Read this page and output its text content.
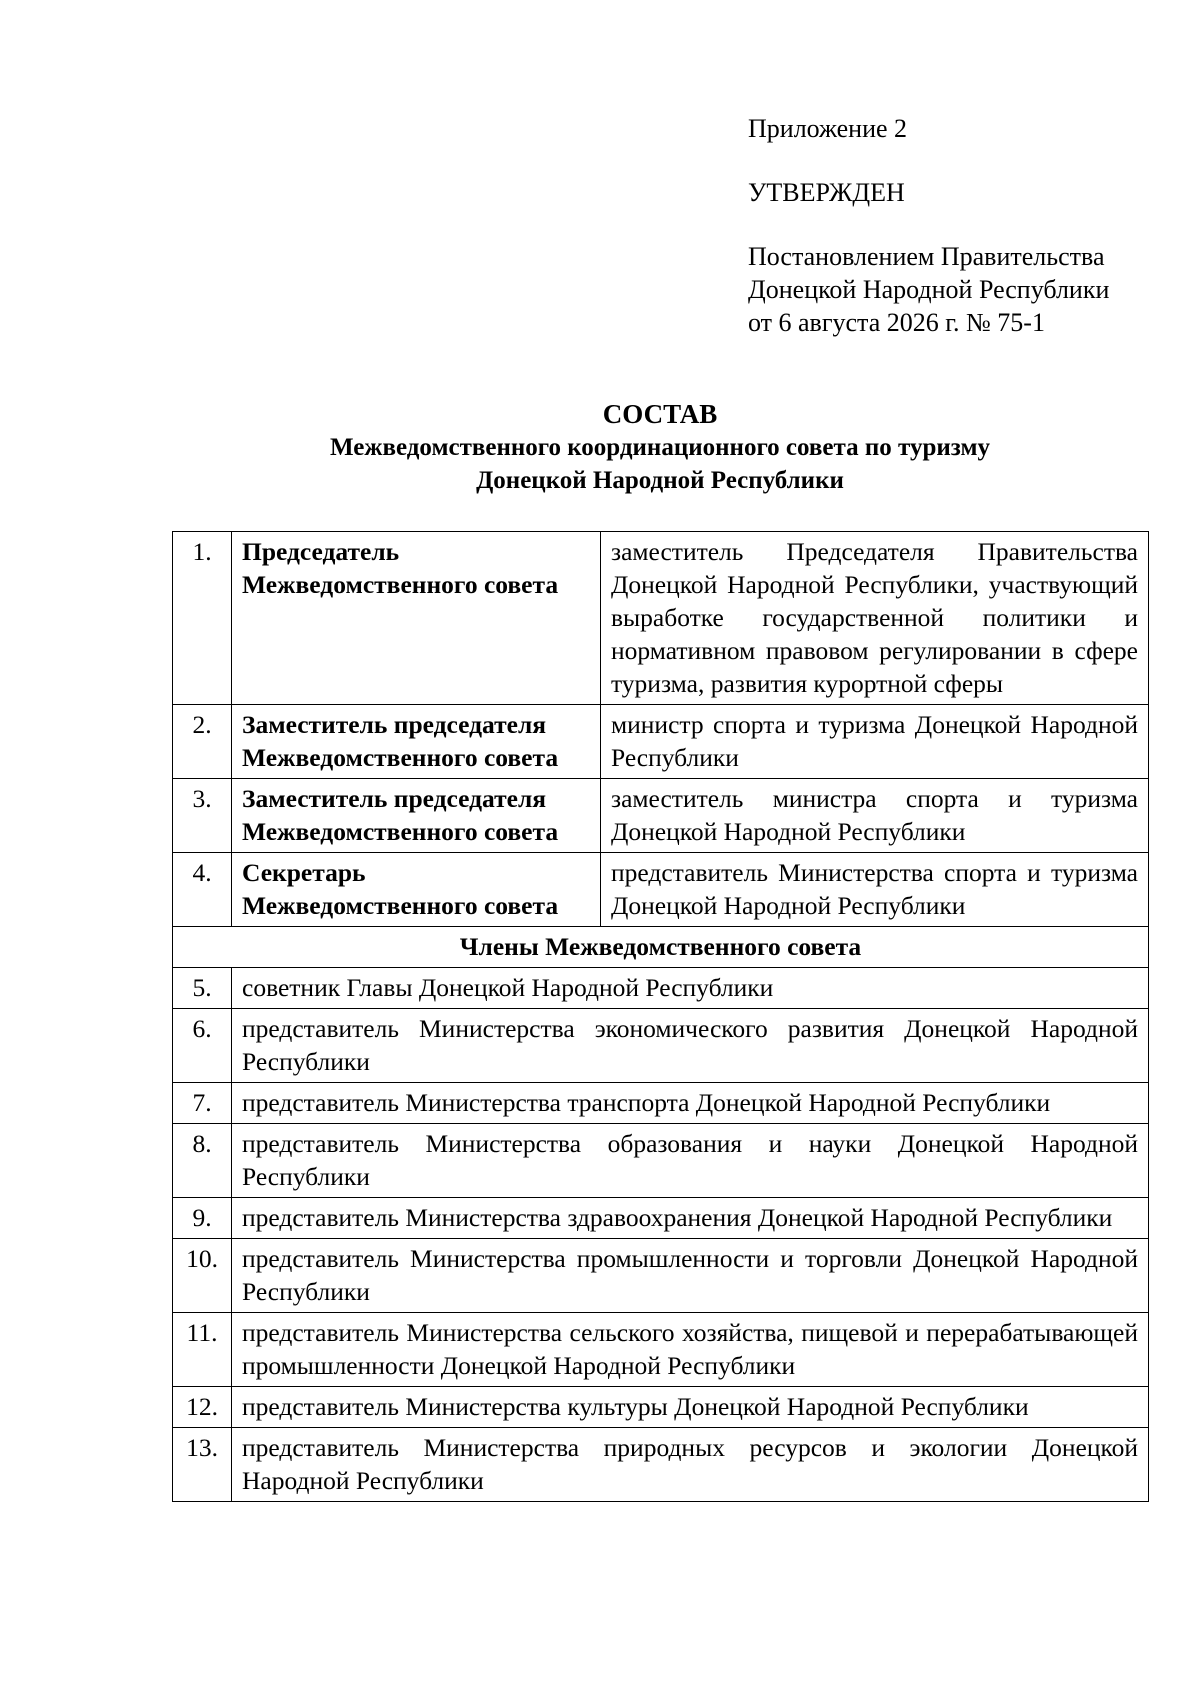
Приложение 2
УТВЕРЖДЕН
Постановлением Правительства
Донецкой Народной Республики
от 6 августа 2026 г. № 75-1
СОСТАВ
Межведомственного координационного совета по туризму
Донецкой Народной Республики
1.	Председатель
Межведомственного совета	заместитель Председателя Правительства Донецкой Народной Республики, участвующий выработке государственной политики и нормативном правовом регулировании в сфере туризма, развития курортной сферы
2.	Заместитель председателя
Межведомственного совета	министр спорта и туризма Донецкой Народной Республики
3.	Заместитель председателя
Межведомственного совета	заместитель министра спорта и туризма Донецкой Народной Республики
4.	Секретарь
Межведомственного совета	представитель Министерства спорта и туризма Донецкой Народной Республики
Члены Межведомственного совета		
5.	советник Главы Донецкой Народной Республики	
6.	представитель Министерства экономического развития Донецкой Народной Республики	
7.	представитель Министерства транспорта Донецкой Народной Республики	
8.	представитель Министерства образования и науки Донецкой Народной Республики	
9.	представитель Министерства здравоохранения Донецкой Народной Республики	
10.	представитель Министерства промышленности и торговли Донецкой Народной Республики	
11.	представитель Министерства сельского хозяйства, пищевой и перерабатывающей промышленности Донецкой Народной Республики	
12.	представитель Министерства культуры Донецкой Народной Республики	
13.	представитель Министерства природных ресурсов и экологии Донецкой Народной Республики	
